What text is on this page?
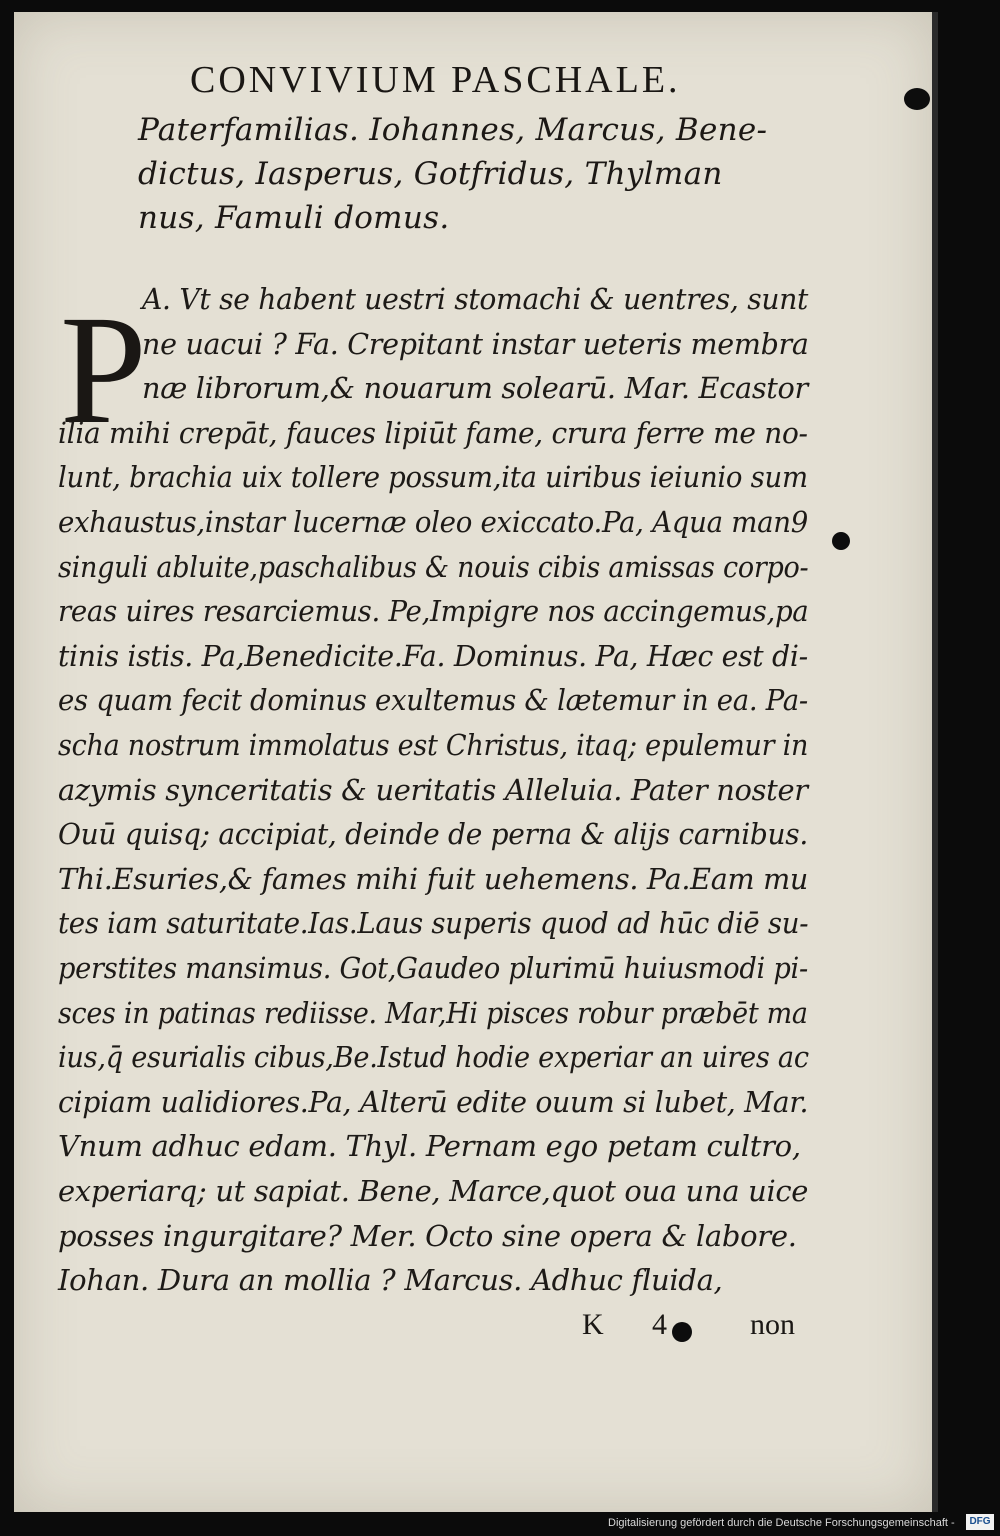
CONVIVIUM PASCHALE.
Paterfamilias. Iohannes, Marcus, Bene-
dictus, Iasperus, Gotfridus, Thylman
nus, Famuli domus.
P
A. Vt se habent uestri stomachi & uentres, sunt
ne uacui ? Fa. Crepitant instar ueteris membra
næ librorum,& nouarum solearū. Mar. Ecastor
ilia mihi crepāt, fauces lipiūt fame, crura ferre me no-
lunt, brachia uix tollere possum,ita uiribus ieiunio sum
exhaustus,instar lucernæ oleo exiccato.Pa, Aqua man9
singuli abluite,paschalibus & nouis cibis amissas corpo-
reas uires resarciemus. Pe,Impigre nos accingemus,pa
tinis istis. Pa,Benedicite.Fa. Dominus. Pa, Hæc est di-
es quam fecit dominus exultemus & lætemur in ea. Pa-
scha nostrum immolatus est Christus, itaq; epulemur in
azymis synceritatis & ueritatis Alleluia. Pater noster
Ouū quisq; accipiat, deinde de perna & alijs carnibus.
Thi.Esuries,& fames mihi fuit uehemens. Pa.Eam mu
tes iam saturitate.Ias.Laus superis quod ad hūc diē su-
perstites mansimus. Got,Gaudeo plurimū huiusmodi pi-
sces in patinas rediisse. Mar,Hi pisces robur præbēt ma
ius,q̄ esurialis cibus,Be.Istud hodie experiar an uires ac
cipiam ualidiores.Pa, Alterū edite ouum si lubet, Mar.
Vnum adhuc edam. Thyl. Pernam ego petam cultro,
experiarq; ut sapiat. Bene, Marce,quot oua una uice
posses ingurgitare? Mer. Octo sine opera & labore.
Iohan. Dura an mollia ? Marcus. Adhuc fluida,
K 4	non
Digitalisierung gefördert durch die Deutsche Forschungsgemeinschaft -	DFG
